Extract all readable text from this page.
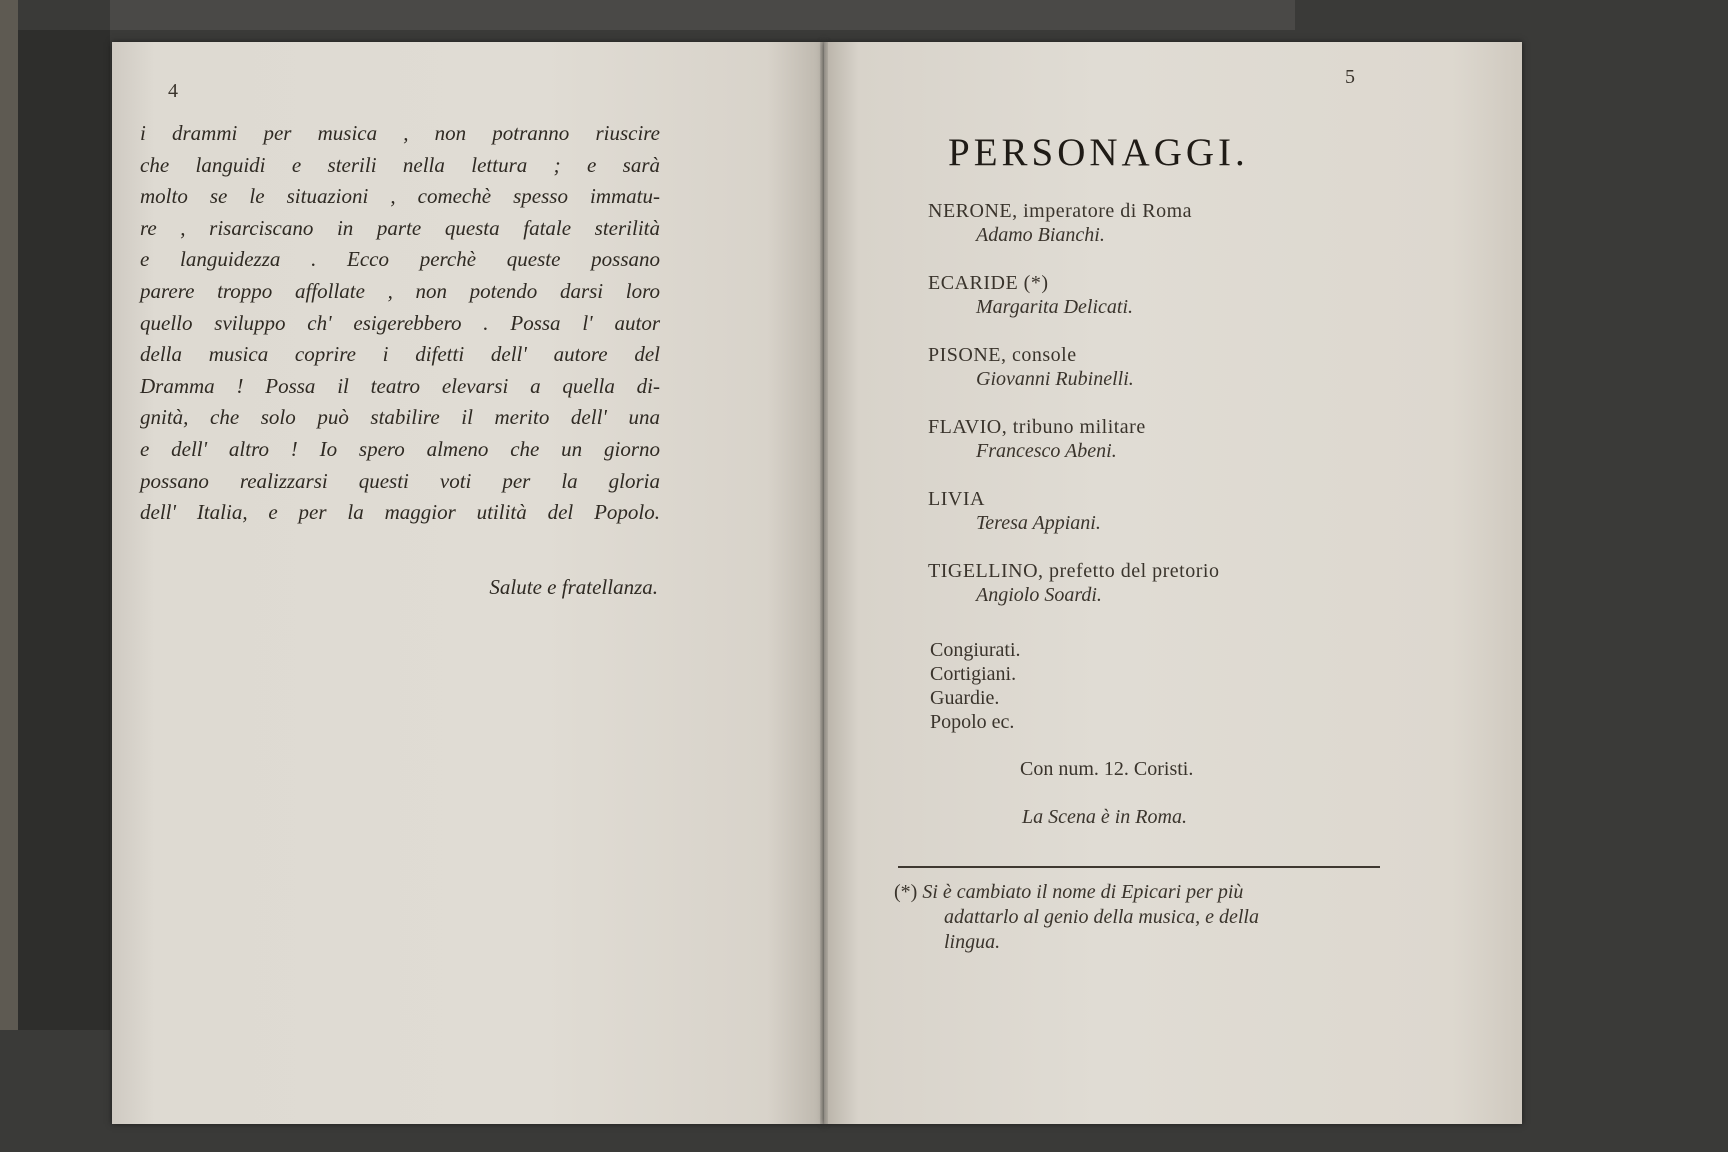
4
i drammi per musica , non potranno riuscire
che languidi e sterili nella lettura ; e sarà
molto se le situazioni , comechè spesso immatu-
re , risarciscano in parte questa fatale sterilità
e languidezza . Ecco perchè queste possano
parere troppo affollate , non potendo darsi loro
quello sviluppo ch' esigerebbero . Possa l' autor
della musica coprire i difetti dell' autore del
Dramma ! Possa il teatro elevarsi a quella di-
gnità, che solo può stabilire il merito dell' una
e dell' altro ! Io spero almeno che un giorno
possano realizzarsi questi voti per la gloria
dell' Italia, e per la maggior utilità del Popolo.
Salute e fratellanza.
5
PERSONAGGI.
NERONE, imperatore di Roma
Adamo Bianchi.
ECARIDE (*)
Margarita Delicati.
PISONE, console
Giovanni Rubinelli.
FLAVIO, tribuno militare
Francesco Abeni.
LIVIA
Teresa Appiani.
TIGELLINO, prefetto del pretorio
Angiolo Soardi.
Congiurati.
Cortigiani.
Guardie.
Popolo ec.
Con num. 12. Coristi.
La Scena è in Roma.
(*) Si è cambiato il nome di Epicari per più
adattarlo al genio della musica, e della
lingua.
